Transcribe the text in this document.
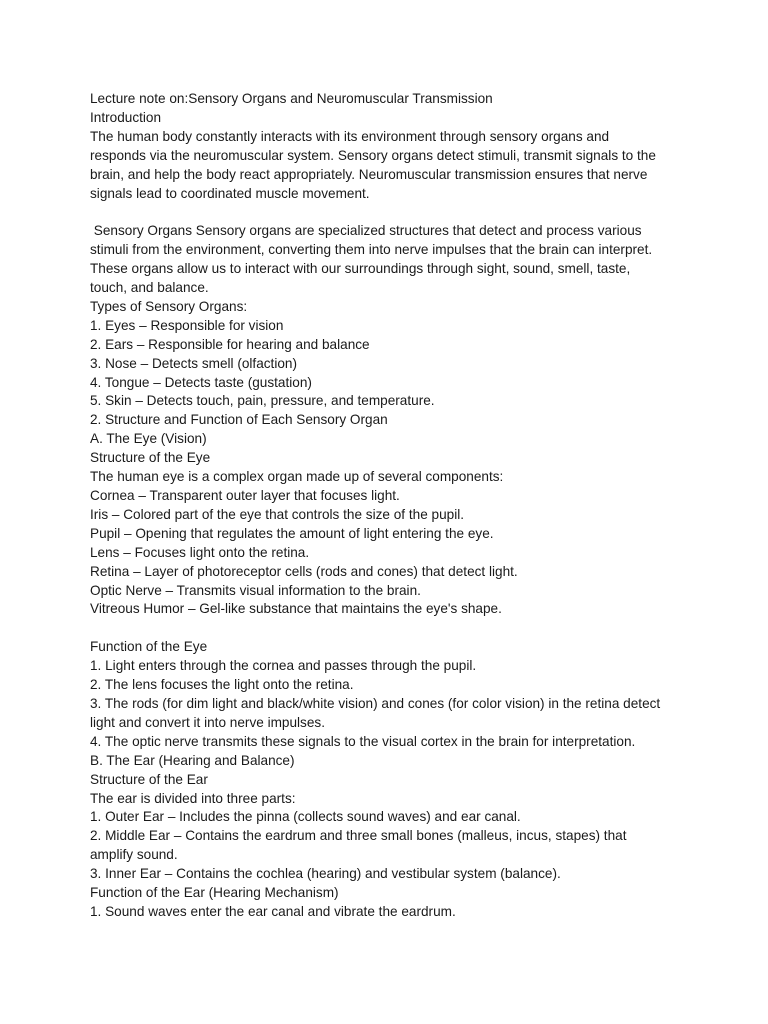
Lecture note on:Sensory Organs and Neuromuscular Transmission
Introduction
The human body constantly interacts with its environment through sensory organs and
responds via the neuromuscular system. Sensory organs detect stimuli, transmit signals to the
brain, and help the body react appropriately. Neuromuscular transmission ensures that nerve
signals lead to coordinated muscle movement.
Sensory Organs Sensory organs are specialized structures that detect and process various
stimuli from the environment, converting them into nerve impulses that the brain can interpret.
These organs allow us to interact with our surroundings through sight, sound, smell, taste,
touch, and balance.
Types of Sensory Organs:
1. Eyes – Responsible for vision
2. Ears – Responsible for hearing and balance
3. Nose – Detects smell (olfaction)
4. Tongue – Detects taste (gustation)
5. Skin – Detects touch, pain, pressure, and temperature.
2. Structure and Function of Each Sensory Organ
A. The Eye (Vision)
Structure of the Eye
The human eye is a complex organ made up of several components:
Cornea – Transparent outer layer that focuses light.
Iris – Colored part of the eye that controls the size of the pupil.
Pupil – Opening that regulates the amount of light entering the eye.
Lens – Focuses light onto the retina.
Retina – Layer of photoreceptor cells (rods and cones) that detect light.
Optic Nerve – Transmits visual information to the brain.
Vitreous Humor – Gel-like substance that maintains the eye's shape.
Function of the Eye
1. Light enters through the cornea and passes through the pupil.
2. The lens focuses the light onto the retina.
3. The rods (for dim light and black/white vision) and cones (for color vision) in the retina detect
light and convert it into nerve impulses.
4. The optic nerve transmits these signals to the visual cortex in the brain for interpretation.
B. The Ear (Hearing and Balance)
Structure of the Ear
The ear is divided into three parts:
1. Outer Ear – Includes the pinna (collects sound waves) and ear canal.
2. Middle Ear – Contains the eardrum and three small bones (malleus, incus, stapes) that
amplify sound.
3. Inner Ear – Contains the cochlea (hearing) and vestibular system (balance).
Function of the Ear (Hearing Mechanism)
1. Sound waves enter the ear canal and vibrate the eardrum.
